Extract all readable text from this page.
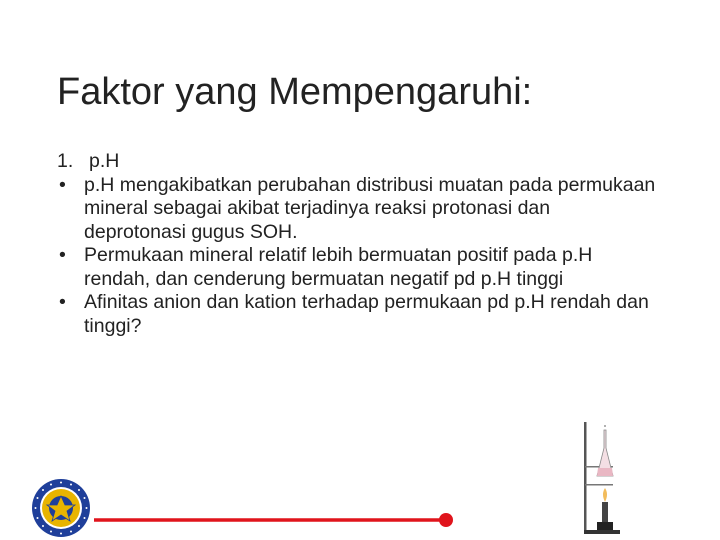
Faktor yang Mempengaruhi:

1. p.H

• p.H mengakibatkan perubahan distribusi muatan pada permukaan mineral sebagai akibat terjadinya reaksi protonasi dan deprotonasi gugus SOH.

• Permukaan mineral relatif lebih bermuatan positif pada p.H rendah, dan cenderung bermuatan negatif pd p.H tinggi

• Afinitas anion dan kation terhadap permukaan pd p.H rendah dan tinggi?
